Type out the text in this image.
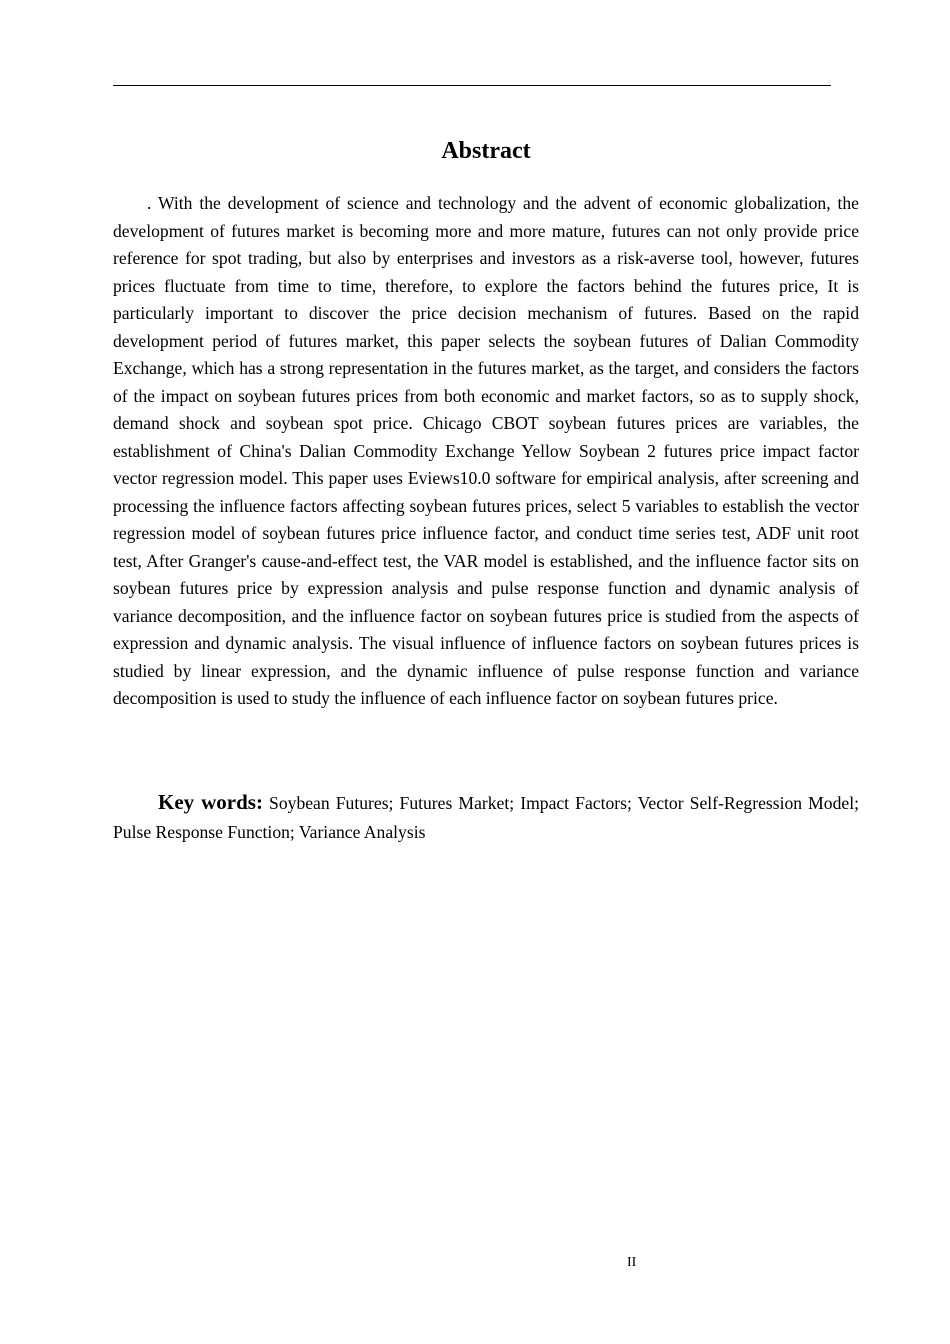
Abstract

. With the development of science and technology and the advent of economic globalization, the development of futures market is becoming more and more mature, futures can not only provide price reference for spot trading, but also by enterprises and investors as a risk-averse tool, however, futures prices fluctuate from time to time, therefore, to explore the factors behind the futures price, It is particularly important to discover the price decision mechanism of futures. Based on the rapid development period of futures market, this paper selects the soybean futures of Dalian Commodity Exchange, which has a strong representation in the futures market, as the target, and considers the factors of the impact on soybean futures prices from both economic and market factors, so as to supply shock, demand shock and soybean spot price. Chicago CBOT soybean futures prices are variables, the establishment of China's Dalian Commodity Exchange Yellow Soybean 2 futures price impact factor vector regression model. This paper uses Eviews10.0 software for empirical analysis, after screening and processing the influence factors affecting soybean futures prices, select 5 variables to establish the vector regression model of soybean futures price influence factor, and conduct time series test, ADF unit root test, After Granger's cause-and-effect test, the VAR model is established, and the influence factor sits on soybean futures price by expression analysis and pulse response function and dynamic analysis of variance decomposition, and the influence factor on soybean futures price is studied from the aspects of expression and dynamic analysis. The visual influence of influence factors on soybean futures prices is studied by linear expression, and the dynamic influence of pulse response function and variance decomposition is used to study the influence of each influence factor on soybean futures price.

Key words: Soybean Futures; Futures Market; Impact Factors; Vector Self-Regression Model; Pulse Response Function; Variance Analysis

II
